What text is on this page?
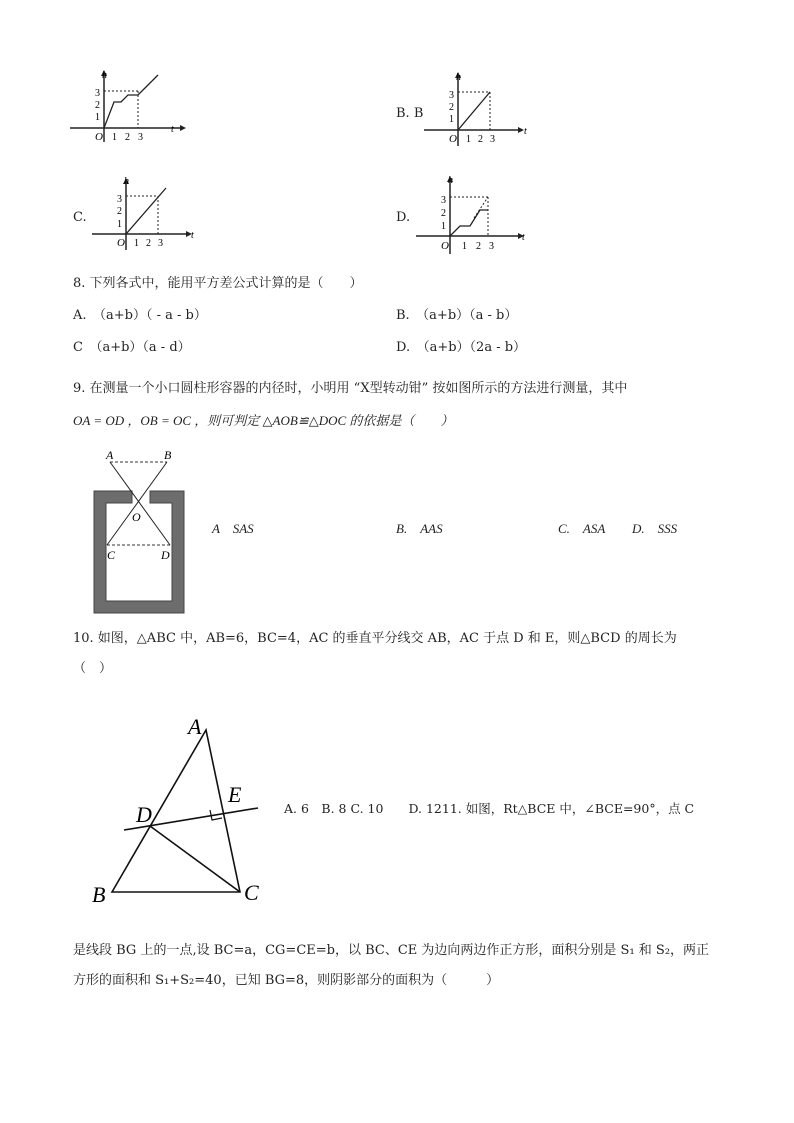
h
t
O
1
2
3
1 2 3
B. B
h
t
O
1
2
3
1 2 3
C.
h
t
O
1
2
3
1 2 3
D.
h
t
O
1
2
3
1 2 3
8. 下列各式中，能用平方差公式计算的是（　　）
A.　（a+b）（ - a - b）	B.　（a+b）（a - b）
C　（a+b）（a - d）	D.　（a+b）（2a - b）
9. 在测量一个小口圆柱形容器的内径时，小明用 “X型转动钳” 按如图所示的方法进行测量，其中
OA = OD ，OB = OC ，则可判定 △AOB≌△DOC 的依据是（　　）
A	B
O
C	D
A　SAS	B.　AAS	C.　ASA D.　SSS
10. 如图，△ABC 中，AB=6，BC=4，AC 的垂直平分线交 AB，AC 于点 D 和 E，则△BCD 的周长为
（　）
A
B	C
D
E
A. 6　B. 8 C. 10　　D. 1211. 如图，Rt△BCE 中，∠BCE=90°，点 C
是线段 BG 上的一点,设 BC=a，CG=CE=b，以 BC、CE 为边向两边作正方形，面积分别是 S₁ 和 S₂，两正
方形的面积和 S₁+S₂=40，已知 BG=8，则阴影部分的面积为（　　　）
